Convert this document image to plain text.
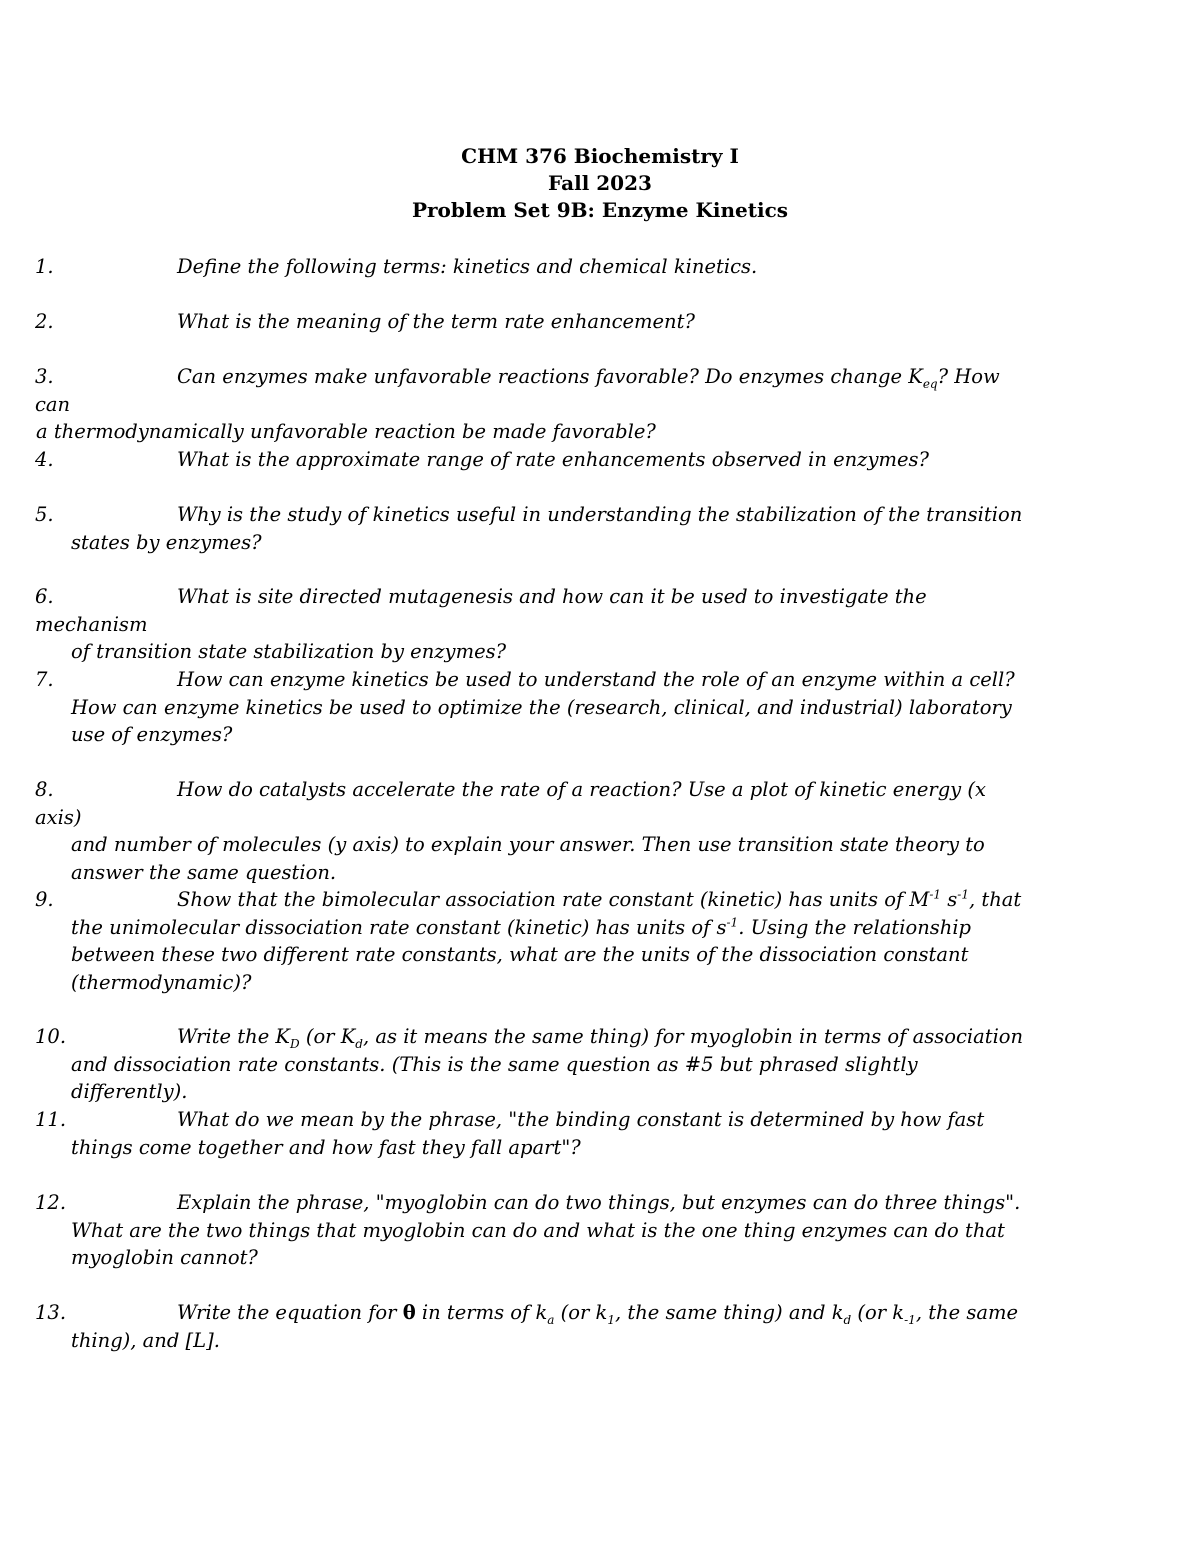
CHM 376 Biochemistry I
Fall 2023
Problem Set 9B: Enzyme Kinetics
1.	Define the following terms: kinetics and chemical kinetics.
2.	What is the meaning of the term rate enhancement?
3.	Can enzymes make unfavorable reactions favorable? Do enzymes change $K_{eq}$? How can
a thermodynamically unfavorable reaction be made favorable?
4.	What is the approximate range of rate enhancements observed in enzymes?
5.	Why is the study of kinetics useful in understanding the stabilization of the transition
states by enzymes?
6.	What is site directed mutagenesis and how can it be used to investigate the mechanism
of transition state stabilization by enzymes?
7.	How can enzyme kinetics be used to understand the role of an enzyme within a cell?
How can enzyme kinetics be used to optimize the (research, clinical, and industrial) laboratory
use of enzymes?
8.	How do catalysts accelerate the rate of a reaction? Use a plot of kinetic energy (x axis)
and number of molecules (y axis) to explain your answer. Then use transition state theory to
answer the same question.
9.	Show that the bimolecular association rate constant (kinetic) has units of $M^{-1}$ $s^{-1}$, that
the unimolecular dissociation rate constant (kinetic) has units of $s^{-1}$. Using the relationship
between these two different rate constants, what are the units of the dissociation constant
(thermodynamic)?
10.	Write the $K_D$ (or $K_d$, as it means the same thing) for myoglobin in terms of association
and dissociation rate constants. (This is the same question as #5 but phrased slightly differently).
11.	What do we mean by the phrase, "the binding constant is determined by how fast
things come together and how fast they fall apart"?
12.	Explain the phrase, "myoglobin can do two things, but enzymes can do three things".
What are the two things that myoglobin can do and what is the one thing enzymes can do that
myoglobin cannot?
13.	Write the equation for θ in terms of $k_a$ (or $k_1$, the same thing) and $k_d$ (or $k_{-1}$, the same
thing), and [L].
